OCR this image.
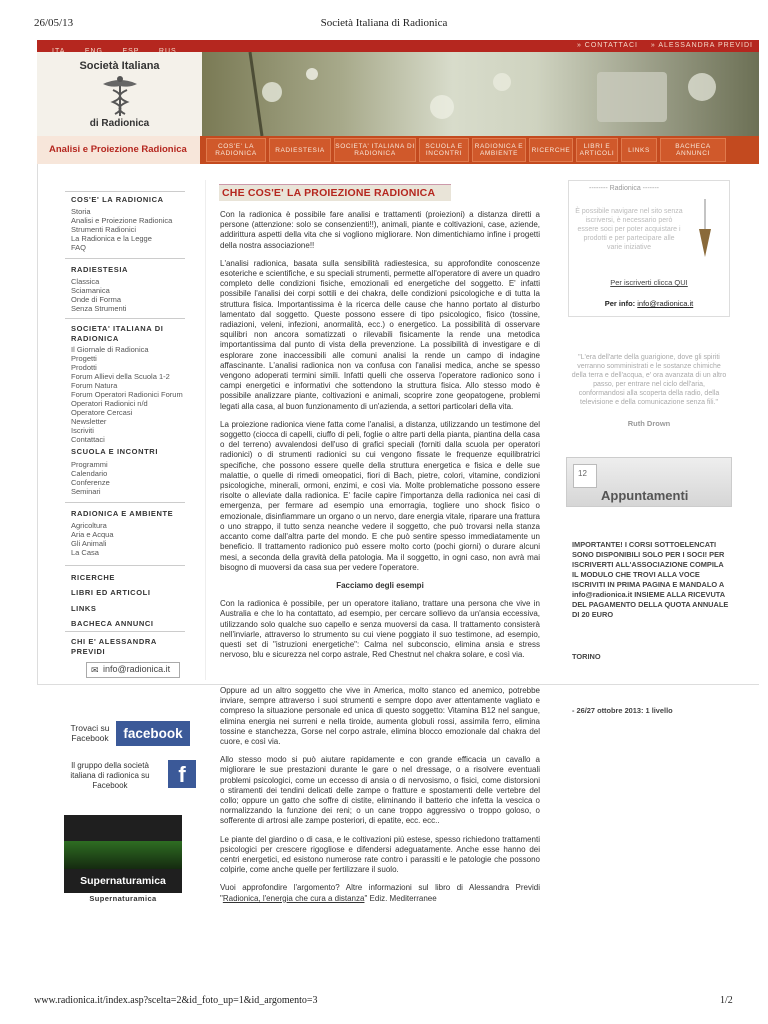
26/05/13	Società Italiana di Radionica
www.radionica.it/index.asp?scelta=2&id_foto_up=1&id_argomento=3	1/2

» CONTATTACI » ALESSANDRA PREVIDI
Società Italiana
di Radionica
Analisi e Proiezione Radionica	COS'E' LA RADIONICA	RADIESTESIA	SOCIETA' ITALIANA DI RADIONICA
SCUOLA E INCONTRI
RADIONICA E AMBIENTE	RICERCHE	LIBRI E ARTICOLI	LINKS	BACHECA ANNUNCI
COS'E' LA RADIONICA
Storia
Analisi e Proiezione Radionica
Strumenti Radionici
La Radionica e la Legge
FAQ
RADIESTESIA
Classica
Sciamanica
Onde di Forma
Senza Strumenti
SOCIETA' ITALIANA DI RADIONICA
Il Giornale di Radionica
Progetti
Prodotti
Forum Allievi della Scuola 1-2
Forum Natura
Forum Operatori Radionici Forum
Operatori Radionici n/d
Operatore Cercasi
Newsletter
Iscriviti
Contattaci
SCUOLA E INCONTRI
Programmi
Calendario
Conferenze
Seminari
RADIONICA E AMBIENTE
Agricoltura
Aria e Acqua
Gli Animali
La Casa
RICERCHE
LIBRI ED ARTICOLI
LINKS
BACHECA ANNUNCI
CHI E' ALESSANDRA PREVIDI
✉ info@radionica.it
CHE COS'E' LA PROIEZIONE RADIONICA

Con la radionica è possibile fare analisi e trattamenti (proiezioni) a distanza diretti a persone (attenzione: solo se consenzienti!!), animali, piante e coltivazioni, case, aziende, addirittura aspetti della vita che si vogliono migliorare. Non dimentichiamo infine i progetti della nostra associazione!!

L'analisi radionica, basata sulla sensibilità radiestesica, su approfondite conoscenze esoteriche e scientifiche, e su speciali strumenti, permette all'operatore di avere un quadro completo delle condizioni fisiche, emozionali ed energetiche del soggetto. E' infatti possibile l'analisi dei corpi sottili e dei chakra, delle condizioni psicologiche e di tutta la struttura fisica. Importantissima è la ricerca delle cause che hanno portato al disturbo lamentato dal soggetto. Queste possono essere di tipo psicologico, fisico (tossine, radiazioni, veleni, infezioni, anormalità, ecc.) o energetico. La possibilità di osservare squilibri non ancora somatizzati o rilevabili fisicamente la rende una metodica importantissima dal punto di vista della prevenzione. La possibilità di investigare e di esplorare zone inaccessibili alle comuni analisi la rende un campo di indagine affascinante. L'analisi radionica non va confusa con l'analisi medica, anche se spesso vengono adoperati termini simili. Infatti quelli che osserva l'operatore radionico sono i campi energetici e informativi che sottendono la struttura fisica. Allo stesso modo è possibile analizzare piante, coltivazioni e animali, scoprire zone geopatogene, problemi legati alla casa, al buon funzionamento di un'azienda, a settori particolari della vita.

La proiezione radionica viene fatta come l'analisi, a distanza, utilizzando un testimone del soggetto (ciocca di capelli, ciuffo di peli, foglie o altre parti della pianta, piantina della casa o del terreno) avvalendosi dell'uso di grafici speciali (forniti dalla scuola per operatori radionici) o di strumenti radionici su cui vengono fissate le frequenze equilibratrici specifiche, che possono essere quelle della struttura energetica e fisica e delle sue malattie, o quelle di rimedi omeopatici, fiori di Bach, pietre, colori, vitamine, condizioni psicologiche, minerali, ormoni, enzimi, e così via. Molte problematiche possono essere risolte o alleviate dalla radionica. E' facile capire l'importanza della radionica nei casi di emergenza, per fermare ad esempio una emorragia, togliere uno shock fisico o emozionale, disinfiammare un organo o un nervo, dare energia vitale, riparare una frattura o uno strappo, il tutto senza neanche vedere il soggetto, che può trovarsi nella stanza accanto come dall'altra parte del mondo. E che può sentire spesso immediatamente un beneficio. Il trattamento radionico può essere molto corto (pochi giorni) o durare alcuni mesi, a seconda della gravità della patologia. Ma il soggetto, in ogni caso, non avrà mai bisogno di muoversi da casa sua per vedere l'operatore.

Facciamo degli esempi

Con la radionica è possibile, per un operatore italiano, trattare una persona che vive in Australia e che lo ha contattato, ad esempio, per cercare sollievo da un'ansia eccessiva, utilizzando solo qualche suo capello e senza muoversi da casa. Il trattamento consisterà nell'inviarle, attraverso lo strumento su cui viene poggiato il suo testimone, ad esempio, questi set di "istruzioni energetiche": Calma nel subconscio, elimina ansia e stress nervoso, blu e sicurezza nel corpo astrale, Red Chestnut nel chakra solare, e così via.

Oppure ad un altro soggetto che vive in America, molto stanco ed anemico, potrebbe inviare, sempre attraverso i suoi strumenti e sempre dopo aver attentamente vagliato e compreso la situazione personale ed unica di questo soggetto: Vitamina B12 nel sangue, elimina energia nei surreni e nella tiroide, aumenta globuli rossi, assimila ferro, elimina tossine e stanchezza, Gorse nel corpo astrale, elimina blocco emozionale dal chakra del cuore, e così via.

Allo stesso modo si può aiutare rapidamente e con grande efficacia un cavallo a migliorare le sue prestazioni durante le gare o nel dressage, o a risolvere eventuali problemi psicologici, come un eccesso di ansia o di nervosismo, o fisici, come distorsioni o stiramenti dei tendini delicati delle zampe o fratture e spostamenti delle vertebre del collo; oppure un gatto che soffre di cistite, eliminando il batterio che infetta la vescica o normalizzando la funzione dei reni; o un cane troppo aggressivo o troppo goloso, o sofferente di artrosi alle zampe posteriori, di epatite, ecc. ecc..

Le piante del giardino o di casa, e le coltivazioni più estese, spesso richiedono trattamenti psicologici per crescere rigogliose e difendersi adeguatamente. Anche esse hanno dei centri energetici, ed esistono numerose rate contro i parassiti e le patologie che possono colpirle, come anche quelle per fertilizzare il suolo.

Vuoi approfondire l'argomento? Altre informazioni sul libro di Alessandra Previdi "Radionica, l'energia che cura a distanza" Ediz. Mediterranee

-------- Radionica -------
È possibile navigare nel sito senza iscriversi, è necessario però essere soci per poter acquistare i prodotti e per partecipare alle varie iniziative
Per iscriverti clicca QUI
Per info: info@radionica.it
"L'era dell'arte della guarigione, dove gli spiriti verranno somministrati e le sostanze chimiche della terra e dell'acqua, e' ora avanzata di un altro passo, per entrare nel ciclo dell'aria, conformandosi alla scoperta della radio, della televisione e della comunicazione senza fili."
Ruth Drown
12
Appuntamenti
IMPORTANTE! I CORSI SOTTOELENCATI SONO DISPONIBILI SOLO PER I SOCI! PER ISCRIVERTI ALL'ASSOCIAZIONE COMPILA IL MODULO CHE TROVI ALLA VOCE ISCRIVITI IN PRIMA PAGINA E MANDALO A info@radionica.it INSIEME ALLA RICEVUTA DEL PAGAMENTO DELLA QUOTA ANNUALE DI 20 EURO
TORINO
- 26/27 ottobre 2013: 1 livello
Trovaci su Facebook	facebook
Il gruppo della società italiana di radionica su Facebook	f
Supernaturamica
Supernaturamica
